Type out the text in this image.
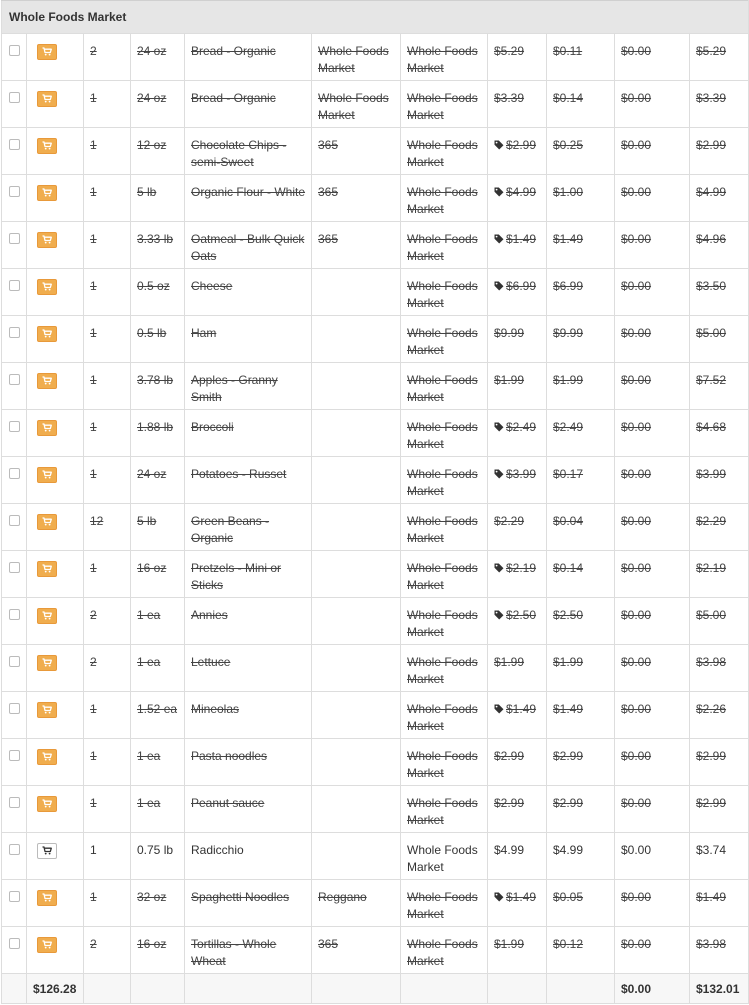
Whole Foods Market										

	2	24 oz	Bread - Organic	Whole Foods Market	Whole Foods Market	$5.29	$0.11	$0.00	$5.29

	1	24 oz	Bread - Organic	Whole Foods Market	Whole Foods Market	$3.39	$0.14	$0.00	$3.39

	1	12 oz	Chocolate Chips - semi-Sweet	365	Whole Foods Market	$2.99	$0.25	$0.00	$2.99

	1	5 lb	Organic Flour - White	365	Whole Foods Market	$4.99	$1.00	$0.00	$4.99

	1	3.33 lb	Oatmeal - Bulk Quick Oats	365	Whole Foods Market	$1.49	$1.49	$0.00	$4.96

	1	0.5 oz	Cheese		Whole Foods Market	$6.99	$6.99	$0.00	$3.50

	1	0.5 lb	Ham		Whole Foods Market	$9.99	$9.99	$0.00	$5.00

	1	3.78 lb	Apples - Granny Smith		Whole Foods Market	$1.99	$1.99	$0.00	$7.52

	1	1.88 lb	Broccoli		Whole Foods Market	$2.49	$2.49	$0.00	$4.68

	1	24 oz	Potatoes - Russet		Whole Foods Market	$3.99	$0.17	$0.00	$3.99

	12	5 lb	Green Beans - Organic		Whole Foods Market	$2.29	$0.04	$0.00	$2.29

	1	16 oz	Pretzels - Mini or Sticks		Whole Foods Market	$2.19	$0.14	$0.00	$2.19

	2	1 ea	Annies		Whole Foods Market	$2.50	$2.50	$0.00	$5.00

	2	1 ea	Lettuce		Whole Foods Market	$1.99	$1.99	$0.00	$3.98

	1	1.52 ea	Mineolas		Whole Foods Market	$1.49	$1.49	$0.00	$2.26

	1	1 ea	Pasta noodles		Whole Foods Market	$2.99	$2.99	$0.00	$2.99

	1	1 ea	Peanut sauce		Whole Foods Market	$2.99	$2.99	$0.00	$2.99

	1	0.75 lb	Radicchio		Whole Foods Market	$4.99	$4.99	$0.00	$3.74

	1	32 oz	Spaghetti Noodles	Reggano	Whole Foods Market	$1.49	$0.05	$0.00	$1.49

	2	16 oz	Tortillas - Whole Wheat	365	Whole Foods Market	$1.99	$0.12	$0.00	$3.98
	$126.28								$0.00	$132.01
